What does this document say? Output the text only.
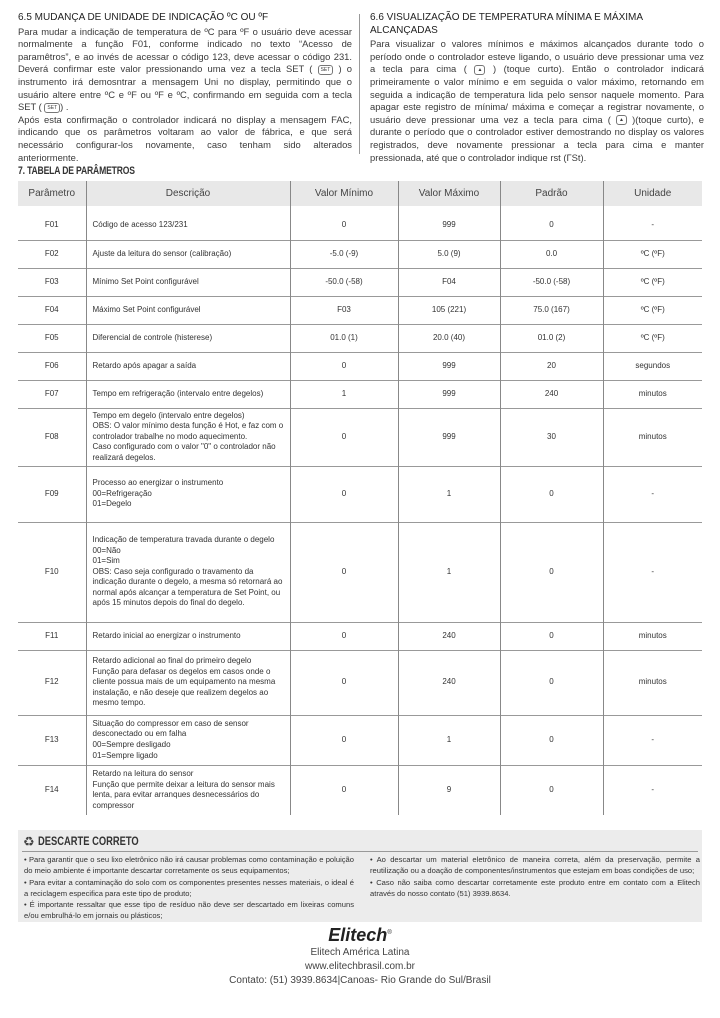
6.5 MUDANÇA DE UNIDADE DE INDICAÇÃO ºC OU ºF

Para mudar a indicação de temperatura de ºC para ºF o usuário deve acessar normalmente a função F01, conforme indicado no texto “Acesso de paramêtros”, e ao invés de acessar o código 123, deve acessar o código 231. Deverá confirmar este valor pressionando uma vez a tecla SET ( SET ) o instrumento irá demosntrar a mensagem Uni no display, permitindo que o usuário altere entre ºC e ºF ou ºF e ºC, confirmando em seguida com a tecla SET ( SET ) .

Após esta confirmação o controlador indicará no display a mensagem FAC, indicando que os parâmetros voltaram ao valor de fábrica, e que será necessário configurar-los novamente, caso tenham sido alterados anteriormente.

6.6 VISUALIZAÇÃO DE TEMPERATURA MÍNIMA E MÁXIMA ALCANÇADAS

Para visualizar o valores mínimos e máximos alcançados durante todo o período onde o controlador esteve ligando, o usuário deve pressionar uma vez a tecla para cima ( ▲ ) (toque curto). Então o controlador indicará primeiramente o valor mínimo e em seguida o valor máximo, retornando em seguida a indicação de temperatura lida pelo sensor naquele momento. Para apagar este registro de mínima/ máxima e começar a registrar novamente, o usuário deve pressionar uma vez a tecla para cima ( ▲ )(toque curto), e durante o período que o controlador estiver demostrando no display os valores registrados, deve novamente pressionar a tecla para cima e manter pressionada, até que o controlador indique rst (ΓSt).

7. TABELA DE PARÂMETROS
Parâmetro	Descrição	Valor Mínimo	Valor Máximo	Padrão	Unidade

F01	Código de acesso 123/231	0	999	0	-
F02	Ajuste da leitura do sensor (calibração)	-5.0 (-9)	5.0 (9)	0.0	ºC (ºF)
F03	Mínimo Set Point configurável	-50.0 (-58)	F04	-50.0 (-58)	ºC (ºF)
F04	Máximo Set Point configurável	F03	105 (221)	75.0 (167)	ºC (ºF)
F05	Diferencial de controle (histerese)	01.0 (1)	20.0 (40)	01.0 (2)	ºC (ºF)
F06	Retardo após apagar a saída	0	999	20	segundos
F07	Tempo em refrigeração (intervalo entre degelos)	1	999	240	minutos
F08	Tempo em degelo (intervalo entre degelos)
OBS: O valor mínimo desta função é Hot, e faz com o controlador trabalhe no modo aquecimento.
Caso configurado com o valor "0" o controlador não realizará degelos.	0	999	30	minutos
F09	Processo ao energizar o instrumento
00=Refrigeração
01=Degelo	0	1	0	-
F10	Indicação de temperatura travada durante o degelo
00=Não
01=Sim
OBS: Caso seja configurado o travamento da indicação durante o degelo, a mesma só retornará ao normal após alcançar a temperatura de Set Point, ou após 15 minutos depois do final do degelo.	0	1	0	-
F11	Retardo inicial ao energizar o instrumento	0	240	0	minutos
F12	Retardo adicional ao final do primeiro degelo
Função para defasar os degelos em casos onde o cliente possua mais de um equipamento na mesma instalação, e não deseje que realizem degelos ao mesmo tempo.	0	240	0	minutos
F13	Situação do compressor em caso de sensor desconectado ou em falha
00=Sempre desligado
01=Sempre ligado	0	1	0	-
F14	Retardo na leitura do sensor
Função que permite deixar a leitura do sensor mais lenta, para evitar arranques desnecessários do compressor	0	9	0	-
♻ DESCARTE CORRETO

• Para garantir que o seu lixo eletrônico não irá causar problemas como contaminação e poluição do meio ambiente é importante descartar corretamente os seus equipamentos;

• Para evitar a contaminação do solo com os componentes presentes nesses materiais, o ideal é a reciclagem especifica para este tipo de produto;

• É importante ressaltar que esse tipo de resíduo não deve ser descartado em lixeiras comuns e/ou embrulhá-lo em jornais ou plásticos;

• Ao descartar um material eletrônico de maneira correta, além da preservação, permite a reutilização ou a doação de componentes/instrumentos que estejam em boas condições de uso;

• Caso não saiba como descartar corretamente este produto entre em contato com a Elitech através do nosso contato (51) 3939.8634.

Elitech®
Elitech América Latina
www.elitechbrasil.com.br
Contato: (51) 3939.8634|Canoas- Rio Grande do Sul/Brasil
